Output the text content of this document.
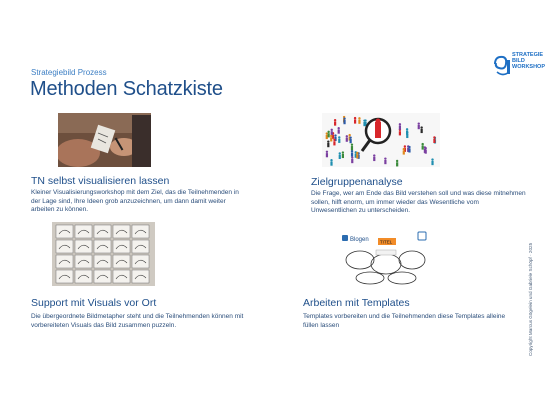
Strategiebild Prozess
Methoden Schatzkiste
STRATEGIE
BILD
WORKSHOP
TN selbst visualisieren lassen
Kleiner Visualisierungsworkshop mit dem Ziel, das die Teilnehmenden in der Lage sind, Ihre Ideen grob anzuzeichnen, um dann damit weiter arbeiten zu können.
Zielgruppenanalyse
Die Frage, wer am Ende das Bild verstehen soll und was diese mitnehmen sollen, hilft enorm, um immer wieder das Wesentliche vom Unwesentlichen zu unterscheiden.
Support mit Visuals vor Ort
Die übergeordnete Bildmetapher steht und die Teilnehmenden können mit vorbereiteten Visuals das Bild zusammen puzzeln.
Blogen	TITEL
Arbeiten mit Templates
Templates vorbereiten und die Teilnehmenden diese Templates alleine füllen lassen	Copyright Marcus Gögelein und Gabriele Schöpf · 2025
